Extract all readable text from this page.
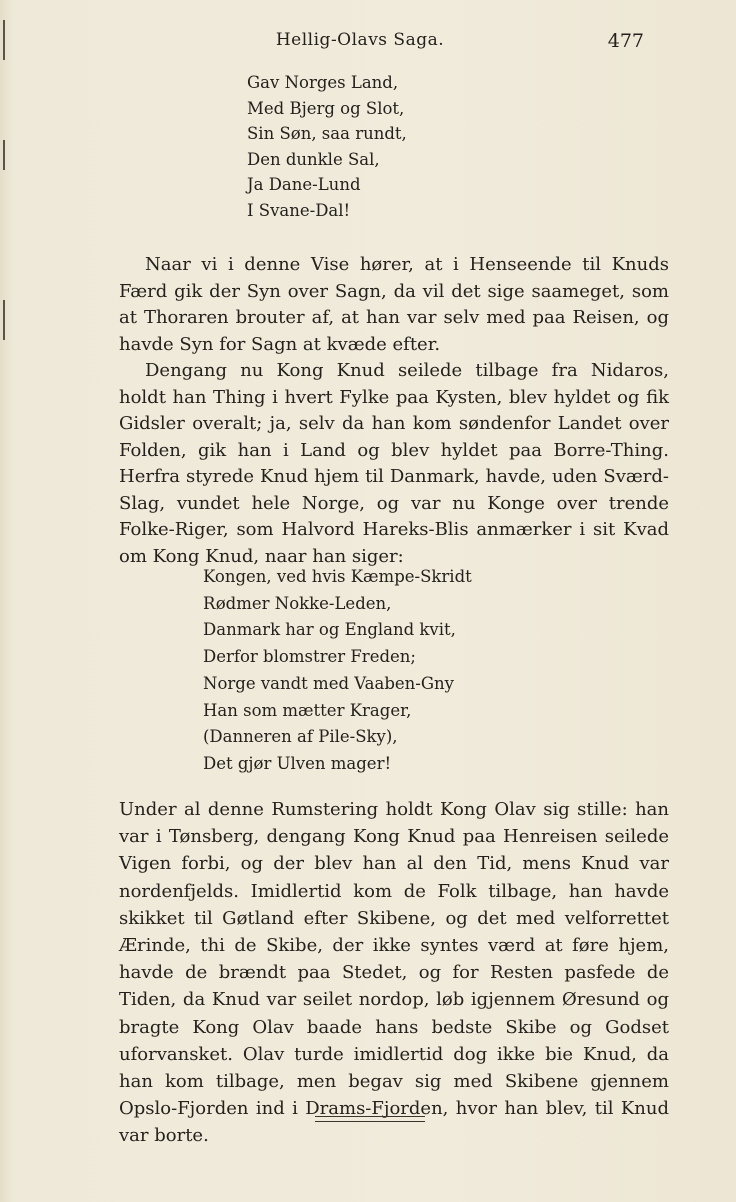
Hellig-Olavs Saga.	477
Gav Norges Land,
Med Bjerg og Slot,
Sin Søn, saa rundt,
Den dunkle Sal,
Ja Dane-Lund
I Svane-Dal!

Naar vi i denne Vise hører, at i Henseende til Knuds Færd gik der Syn over Sagn, da vil det sige saameget, som at Thoraren brouter af, at han var selv med paa Reisen, og havde Syn for Sagn at kvæde efter.

Dengang nu Kong Knud seilede tilbage fra Nidaros, holdt han Thing i hvert Fylke paa Kysten, blev hyldet og fik Gidsler overalt; ja, selv da han kom søndenfor Landet over Folden, gik han i Land og blev hyldet paa Borre-Thing. Herfra styrede Knud hjem til Danmark, havde, uden Sværd-Slag, vundet hele Norge, og var nu Konge over trende Folke-Riger, som Halvord Hareks-Blis anmærker i sit Kvad om Kong Knud, naar han siger:

Kongen, ved hvis Kæmpe-Skridt
Rødmer Nokke-Leden,
Danmark har og England kvit,
Derfor blomstrer Freden;
Norge vandt med Vaaben-Gny
Han som mætter Krager,
(Danneren af Pile-Sky),
Det gjør Ulven mager!

Under al denne Rumstering holdt Kong Olav sig stille: han var i Tønsberg, dengang Kong Knud paa Henreisen seilede Vigen forbi, og der blev han al den Tid, mens Knud var nordenfjelds. Imidlertid kom de Folk tilbage, han havde skikket til Gøtland efter Skibene, og det med velforrettet Ærinde, thi de Skibe, der ikke syntes værd at føre hjem, havde de brændt paa Stedet, og for Resten pasfede de Tiden, da Knud var seilet nordop, løb igjennem Øresund og bragte Kong Olav baade hans bedste Skibe og Godset uforvansket. Olav turde imidlertid dog ikke bie Knud, da han kom tilbage, men begav sig med Skibene gjennem Opslo-Fjorden ind i Drams-Fjorden, hvor han blev, til Knud var borte.
